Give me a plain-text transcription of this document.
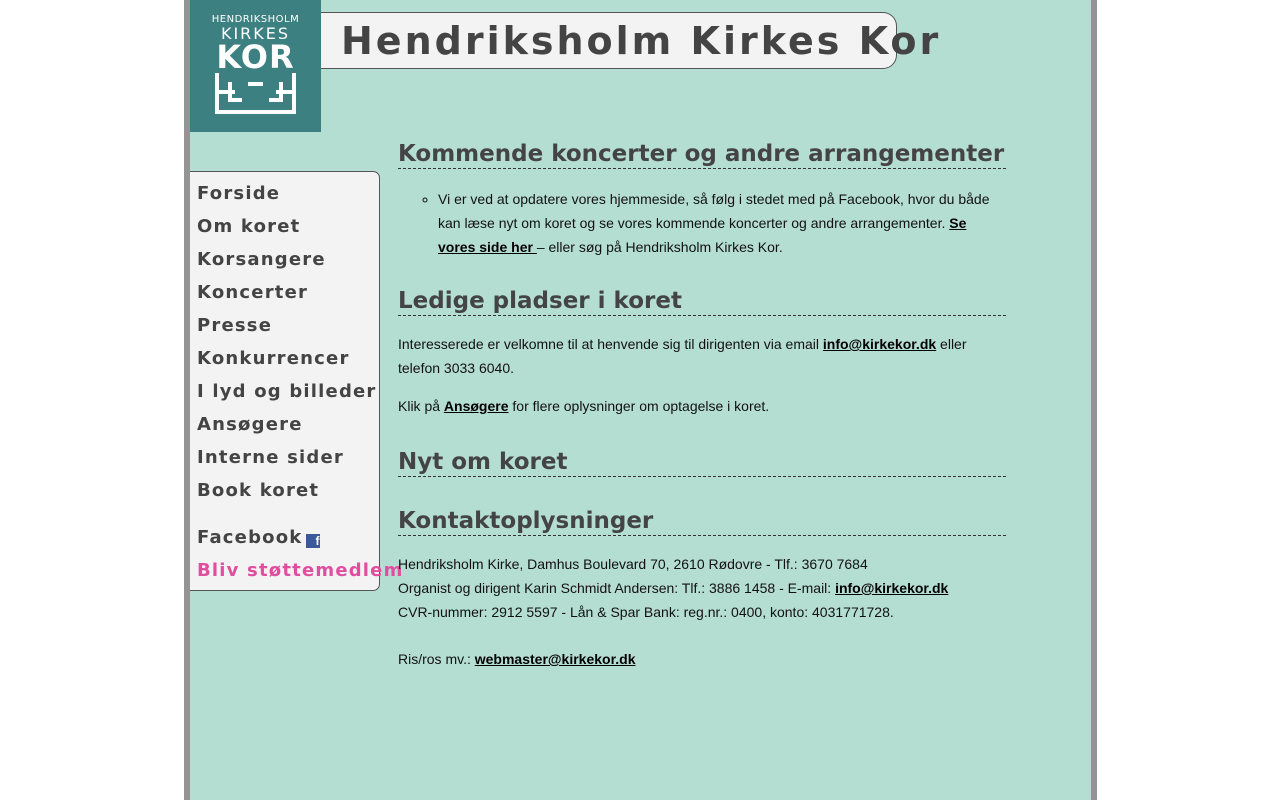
HENDRIKSHOLM
KIRKES
KOR	Hendriksholm Kirkes Kor
Forside
Om koret
Korsangere
Koncerter
Presse
Konkurrencer
I lyd og billeder
Ansøgere
Interne sider
Book koret
Facebook f
Bliv støttemedlem
Kommende koncerter og andre arrangementer
◦ Vi er ved at opdatere vores hjemmeside, så følg i stedet med på Facebook, hvor du både kan læse nyt om koret og se vores kommende koncerter og andre arrangementer. Se vores side her – eller søg på Hendriksholm Kirkes Kor.
Ledige pladser i koret

Interesserede er velkomne til at henvende sig til dirigenten via email info@kirkekor.dk eller telefon 3033 6040.

Klik på Ansøgere for flere oplysninger om optagelse i koret.

Nyt om koret
Kontaktoplysninger

Hendriksholm Kirke, Damhus Boulevard 70, 2610 Rødovre - Tlf.: 3670 7684

Organist og dirigent Karin Schmidt Andersen: Tlf.: 3886 1458 - E-mail: info@kirkekor.dk

CVR-nummer: 2912 5597 - Lån & Spar Bank: reg.nr.: 0400, konto: 4031771728.

Ris/ros mv.: webmaster@kirkekor.dk
